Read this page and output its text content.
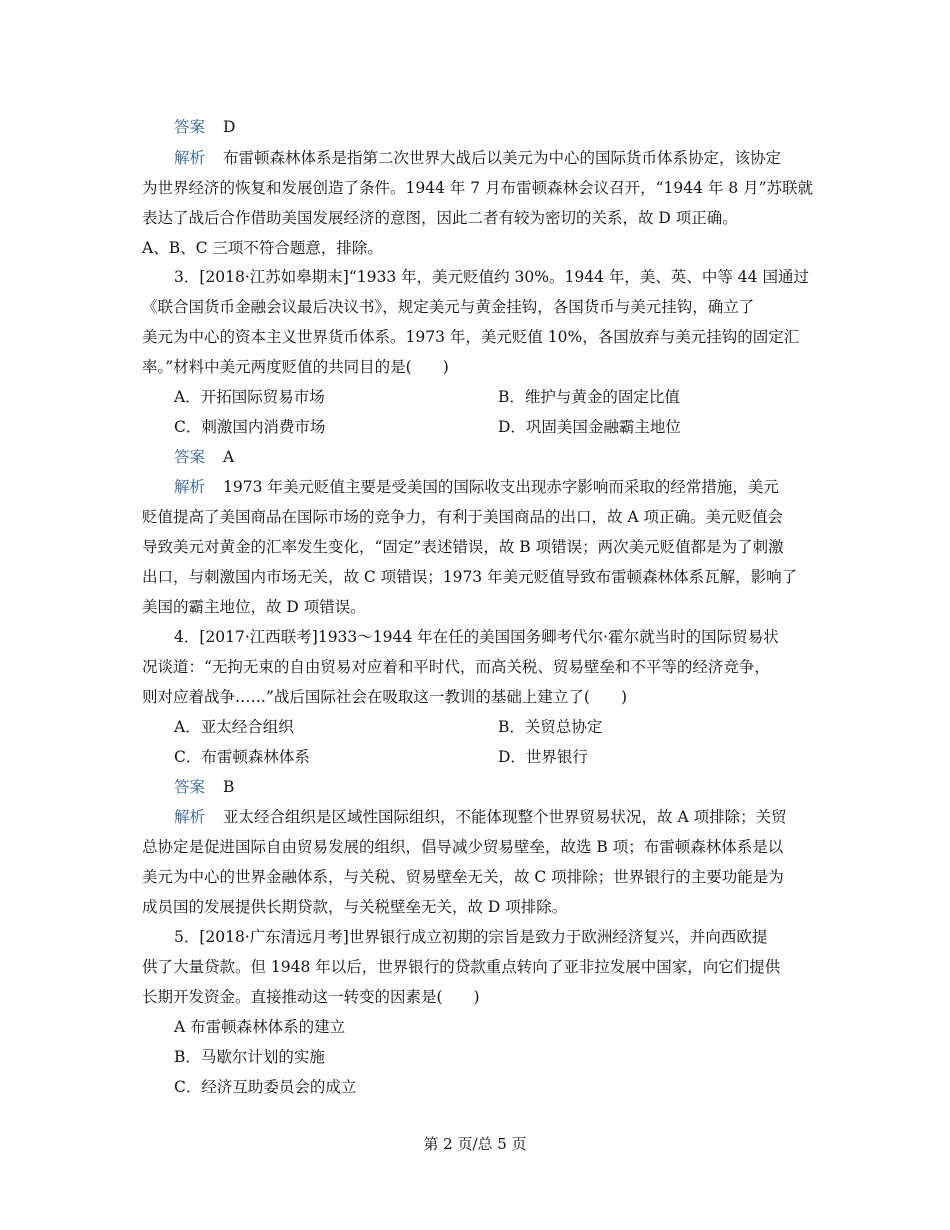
答案 D
解析 布雷顿森林体系是指第二次世界大战后以美元为中心的国际货币体系协定，该协定
为世界经济的恢复和发展创造了条件。1944 年 7 月布雷顿森林会议召开，“1944 年 8 月”苏联就
表达了战后合作借助美国发展经济的意图，因此二者有较为密切的关系，故 D 项正确。
A、B、C 三项不符合题意，排除。
3．[2018·江苏如皋期末]“1933 年，美元贬值约 30%。1944 年，美、英、中等 44 国通过
《联合国货币金融会议最后决议书》，规定美元与黄金挂钩，各国货币与美元挂钩，确立了
美元为中心的资本主义世界货币体系。1973 年，美元贬值 10%，各国放弃与美元挂钩的固定汇
率。”材料中美元两度贬值的共同目的是(　　)
A．开拓国际贸易市场	B．维护与黄金的固定比值
C．刺激国内消费市场	D．巩固美国金融霸主地位
答案 A
解析 1973 年美元贬值主要是受美国的国际收支出现赤字影响而采取的经常措施，美元
贬值提高了美国商品在国际市场的竞争力，有利于美国商品的出口，故 A 项正确。美元贬值会
导致美元对黄金的汇率发生变化，“固定”表述错误，故 B 项错误；两次美元贬值都是为了刺激
出口，与刺激国内市场无关，故 C 项错误；1973 年美元贬值导致布雷顿森林体系瓦解，影响了
美国的霸主地位，故 D 项错误。
4．[2017·江西联考]1933～1944 年在任的美国国务卿考代尔·霍尔就当时的国际贸易状
况谈道：“无拘无束的自由贸易对应着和平时代，而高关税、贸易壁垒和不平等的经济竞争，
则对应着战争……”战后国际社会在吸取这一教训的基础上建立了(　　)
A．亚太经合组织	B．关贸总协定
C．布雷顿森林体系	D．世界银行
答案 B
解析 亚太经合组织是区域性国际组织，不能体现整个世界贸易状况，故 A 项排除；关贸
总协定是促进国际自由贸易发展的组织，倡导减少贸易壁垒，故选 B 项；布雷顿森林体系是以
美元为中心的世界金融体系，与关税、贸易壁垒无关，故 C 项排除；世界银行的主要功能是为
成员国的发展提供长期贷款，与关税壁垒无关，故 D 项排除。
5．[2018·广东清远月考]世界银行成立初期的宗旨是致力于欧洲经济复兴，并向西欧提
供了大量贷款。但 1948 年以后，世界银行的贷款重点转向了亚非拉发展中国家，向它们提供
长期开发资金。直接推动这一转变的因素是(　　)
A 布雷顿森林体系的建立
B．马歇尔计划的实施
C．经济互助委员会的成立
第 2 页/总 5 页
